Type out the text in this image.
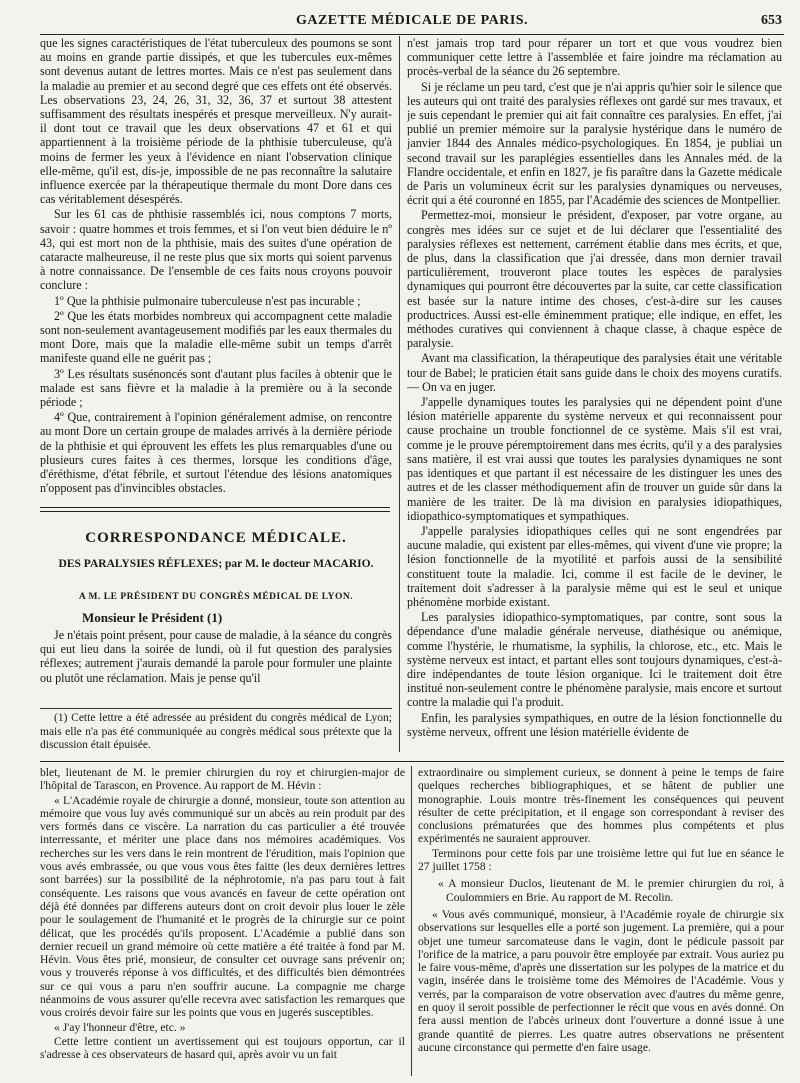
GAZETTE MÉDICALE DE PARIS.	653

que les signes caractéristiques de l'état tuberculeux des poumons se sont au moins en grande partie dissipés, et que les tubercules eux-mêmes sont devenus autant de lettres mortes. Mais ce n'est pas seulement dans la maladie au premier et au second degré que ces effets ont été observés. Les observations 23, 24, 26, 31, 32, 36, 37 et surtout 38 attestent suffisamment des résultats inespérés et presque merveilleux. N'y aurait-il dont tout ce travail que les deux observations 47 et 61 et qui appartiennent à la troisième période de la phthisie tuberculeuse, qu'à moins de fermer les yeux à l'évidence en niant l'observation clinique elle-même, qu'il est, dis-je, impossible de ne pas reconnaître la salutaire influence exercée par la thérapeutique thermale du mont Dore dans ces cas véritablement désespérés.

Sur les 61 cas de phthisie rassemblés ici, nous comptons 7 morts, savoir : quatre hommes et trois femmes, et si l'on veut bien déduire le nº 43, qui est mort non de la phthisie, mais des suites d'une opération de cataracte malheureuse, il ne reste plus que six morts qui soient parvenus à notre connaissance. De l'ensemble de ces faits nous croyons pouvoir conclure :

1º Que la phthisie pulmonaire tuberculeuse n'est pas incurable ;

2º Que les états morbides nombreux qui accompagnent cette maladie sont non-seulement avantageusement modifiés par les eaux thermales du mont Dore, mais que la maladie elle-même subit un temps d'arrêt manifeste quand elle ne guérit pas ;

3º Les résultats susénoncés sont d'autant plus faciles à obtenir que le malade est sans fièvre et la maladie à la première ou à la seconde période ;

4º Que, contrairement à l'opinion généralement admise, on rencontre au mont Dore un certain groupe de malades arrivés à la dernière période de la phthisie et qui éprouvent les effets les plus remarquables d'une ou plusieurs cures faites à ces thermes, lorsque les conditions d'âge, d'éréthisme, d'état fébrile, et surtout l'étendue des lésions anatomiques n'opposent pas d'invincibles obstacles.

CORRESPONDANCE MÉDICALE.
DES PARALYSIES RÉFLEXES; par M. le docteur MACARIO.
A M. LE PRÉSIDENT DU CONGRÈS MÉDICAL DE LYON.
Monsieur le Président (1)

Je n'étais point présent, pour cause de maladie, à la séance du congrès qui eut lieu dans la soirée de lundi, où il fut question des paralysies réflexes; autrement j'aurais demandé la parole pour formuler une plainte ou plutôt une réclamation. Mais je pense qu'il

(1) Cette lettre a été adressée au président du congrès médical de Lyon; mais elle n'a pas été communiquée au congrès médical sous prétexte que la discussion était épuisée.

n'est jamais trop tard pour réparer un tort et que vous voudrez bien communiquer cette lettre à l'assemblée et faire joindre ma réclamation au procès-verbal de la séance du 26 septembre.

Si je réclame un peu tard, c'est que je n'ai appris qu'hier soir le silence que les auteurs qui ont traité des paralysies réflexes ont gardé sur mes travaux, et je suis cependant le premier qui ait fait connaître ces paralysies. En effet, j'ai publié un premier mémoire sur la paralysie hystérique dans le numéro de janvier 1844 des Annales médico-psychologiques. En 1854, je publiai un second travail sur les paraplégies essentielles dans les Annales méd. de la Flandre occidentale, et enfin en 1827, je fis paraître dans la Gazette médicale de Paris un volumineux écrit sur les paralysies dynamiques ou nerveuses, écrit qui a été couronné en 1855, par l'Académie des sciences de Montpellier.

Permettez-moi, monsieur le président, d'exposer, par votre organe, au congrès mes idées sur ce sujet et de lui déclarer que l'essentialité des paralysies réflexes est nettement, carrément établie dans mes écrits, et que, de plus, dans la classification que j'ai dressée, dans mon dernier travail particulièrement, trouveront place toutes les espèces de paralysies dynamiques qui pourront être découvertes par la suite, car cette classification est basée sur la nature intime des choses, c'est-à-dire sur les causes productrices. Aussi est-elle éminemment pratique; elle indique, en effet, les méthodes curatives qui conviennent à chaque classe, à chaque espèce de paralysie.

Avant ma classification, la thérapeutique des paralysies était une véritable tour de Babel; le praticien était sans guide dans le choix des moyens curatifs. — On va en juger.

J'appelle dynamiques toutes les paralysies qui ne dépendent point d'une lésion matérielle apparente du système nerveux et qui reconnaissent pour cause prochaine un trouble fonctionnel de ce système. Mais s'il est vrai, comme je le prouve péremptoirement dans mes écrits, qu'il y a des paralysies sans matière, il est vrai aussi que toutes les paralysies dynamiques ne sont pas identiques et que partant il est nécessaire de les distinguer les unes des autres et de les classer méthodiquement afin de trouver un guide sûr dans la manière de les traiter. De là ma division en paralysies idiopathiques, idiopathico-symptomatiques et sympathiques.

J'appelle paralysies idiopathiques celles qui ne sont engendrées par aucune maladie, qui existent par elles-mêmes, qui vivent d'une vie propre; la lésion fonctionnelle de la myotilité et parfois aussi de la sensibilité constituent toute la maladie. Ici, comme il est facile de le deviner, le traitement doit s'adresser à la paralysie même qui est le seul et unique phénomène morbide existant.

Les paralysies idiopathico-symptomatiques, par contre, sont sous la dépendance d'une maladie générale nerveuse, diathésique ou anémique, comme l'hystérie, le rhumatisme, la syphilis, la chlorose, etc., etc. Mais le système nerveux est intact, et partant elles sont toujours dynamiques, c'est-à-dire indépendantes de toute lésion organique. Ici le traitement doit être institué non-seulement contre le phénomène paralysie, mais encore et surtout contre la maladie qui l'a produit.

Enfin, les paralysies sympathiques, en outre de la lésion fonctionnelle du système nerveux, offrent une lésion matérielle évidente de

blet, lieutenant de M. le premier chirurgien du roy et chirurgien-major de l'hôpital de Tarascon, en Provence. Au rapport de M. Hévin :

« L'Académie royale de chirurgie a donné, monsieur, toute son attention au mémoire que vous luy avés communiqué sur un abcès au rein produit par des vers formés dans ce viscère. La narration du cas particulier a été trouvée interressante, et mériter une place dans nos mémoires académiques. Vos recherches sur les vers dans le rein montrent de l'érudition, mais l'opinion que vous avés embrassée, ou que vous vous êtes faitte (les deux dernières lettres sont barrées) sur la possibilité de la néphrotomie, n'a pas paru tout à fait conséquente. Les raisons que vous avancés en faveur de cette opération ont déjà été données par differens auteurs dont on croit devoir plus louer le zèle pour le soulagement de l'humanité et le progrès de la chirurgie sur ce point délicat, que les procédés qu'ils proposent. L'Académie a publié dans son dernier recueil un grand mémoire où cette matière a été traitée à fond par M. Hévin. Vous êtes prié, monsieur, de consulter cet ouvrage sans prévenir on; vous y trouverés réponse à vos difficultés, et des difficultés bien démontrées sur ce qui vous a paru n'en souffrir aucune. La compagnie me charge néanmoins de vous assurer qu'elle recevra avec satisfaction les remarques que vous croirés devoir faire sur les points que vous en jugerés susceptibles.

« J'ay l'honneur d'être, etc. »

Cette lettre contient un avertissement qui est toujours opportun, car il s'adresse à ces observateurs de hasard qui, après avoir vu un fait

extraordinaire ou simplement curieux, se donnent à peine le temps de faire quelques recherches bibliographiques, et se hâtent de publier une monographie. Louis montre très-finement les conséquences qui peuvent résulter de cette précipitation, et il engage son correspondant à reviser des conclusions prématurées que des hommes plus compétents et plus expérimentés ne sauraient approuver.

Terminons pour cette fois par une troisième lettre qui fut lue en séance le 27 juillet 1758 :

« A monsieur Duclos, lieutenant de M. le premier chirurgien du roi, à Coulommiers en Brie. Au rapport de M. Recolin.

« Vous avés communiqué, monsieur, à l'Académie royale de chirurgie six observations sur lesquelles elle a porté son jugement. La première, qui a pour objet une tumeur sarcomateuse dans le vagin, dont le pédicule passoit par l'orifice de la matrice, a paru pouvoir être employée par extrait. Vous auriez pu le faire vous-même, d'après une dissertation sur les polypes de la matrice et du vagin, insérée dans le troisième tome des Mémoires de l'Académie. Vous y verrés, par la comparaison de votre observation avec d'autres du même genre, en quoy il seroit possible de perfectionner le récit que vous en avés donné. On fera aussi mention de l'abcès urineux dont l'ouverture a donné issue à une grande quantité de pierres. Les quatre autres observations ne présentent aucune circonstance qui permette d'en faire usage.
